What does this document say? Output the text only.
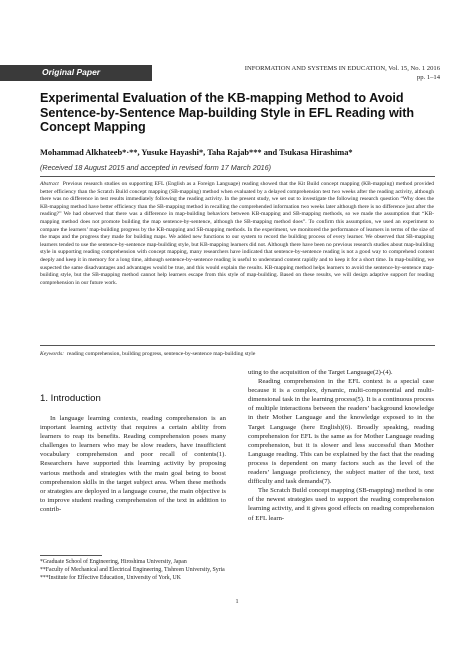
Original Paper	INFORMATION AND SYSTEMS IN EDUCATION, Vol. 15, No. 1 2016
pp. 1–14
Experimental Evaluation of the KB-mapping Method to Avoid Sentence-by-Sentence Map-building Style in EFL Reading with Concept Mapping
Mohammad Alkhateeb*·**, Yusuke Hayashi*, Taha Rajab*** and Tsukasa Hirashima*
(Received 18 August 2015 and accepted in revised form 17 March 2016)

Abstract Previous research studies on supporting EFL (English as a Foreign Language) reading showed that the Kit Build concept mapping (KB-mapping) method provided better efficiency than the Scratch Build concept mapping (SB-mapping) method when evaluated by a delayed comprehension test two weeks after the reading activity, although there was no difference in test results immediately following the reading activity. In the present study, we set out to investigate the following research question “Why does the KB-mapping method have better efficiency than the SB-mapping method in recalling the comprehended information two weeks later although there is no difference just after the reading?” We had observed that there was a difference in map-building behaviors between KB-mapping and SB-mapping methods, so we made the assumption that “KB-mapping method does not promote building the map sentence-by-sentence, although the SB-mapping method does”. To confirm this assumption, we used an experiment to compare the learners’ map-building progress by the KB-mapping and SB-mapping methods. In the experiment, we monitored the performance of learners in terms of the size of the maps and the progress they made for building maps. We added new functions to our system to record the building process of every learner. We observed that SB-mapping learners tended to use the sentence-by-sentence map-building style, but KB-mapping learners did not. Although there have been no previous research studies about map-building style in supporting reading comprehension with concept mapping, many researchers have indicated that sentence-by-sentence reading is not a good way to comprehend content deeply and keep it in memory for a long time, although sentence-by-sentence reading is useful to understand content rapidly and to keep it for a short time. In map-building, we suspected the same disadvantages and advantages would be true, and this would explain the results. KB-mapping method helps learners to avoid the sentence-by-sentence map-building style, but the SB-mapping method cannot help learners escape from this style of map-building. Based on these results, we will design adaptive support for reading comprehension in our future work.

Keywords: reading comprehension, building progress, sentence-by-sentence map-building style
1. Introduction

In language learning contexts, reading comprehension is an important learning activity that requires a certain ability from learners to reap its benefits. Reading comprehension poses many challenges to learners who may be slow readers, have insufficient vocabulary comprehension and poor recall of contents(1). Researchers have supported this learning activity by proposing various methods and strategies with the main goal being to boost comprehension skills in the target subject area. When these methods or strategies are deployed in a language course, the main objective is to improve student reading comprehension of the text in addition to contrib-

uting to the acquisition of the Target Language(2)-(4).

Reading comprehension in the EFL context is a special case because it is a complex, dynamic, multi-componential and multi-dimensional task in the learning process(5). It is a continuous process of multiple interactions between the readers’ background knowledge in their Mother Language and the knowledge exposed to in the Target Language (here English)(6). Broadly speaking, reading comprehension for EFL is the same as for Mother Language reading comprehension, but it is slower and less successful than Mother Language reading. This can be explained by the fact that the reading process is dependent on many factors such as the level of the readers’ language proficiency, the subject matter of the text, text difficulty and task demands(7).

The Scratch Build concept mapping (SB-mapping) method is one of the newest strategies used to support the reading comprehension learning activity, and it gives good effects on reading comprehension of EFL learn-

*Graduate School of Engineering, Hiroshima University, Japan
**Faculty of Mechanical and Electrical Engineering, Tishreen University, Syria
***Institute for Effective Education, University of York, UK
1
